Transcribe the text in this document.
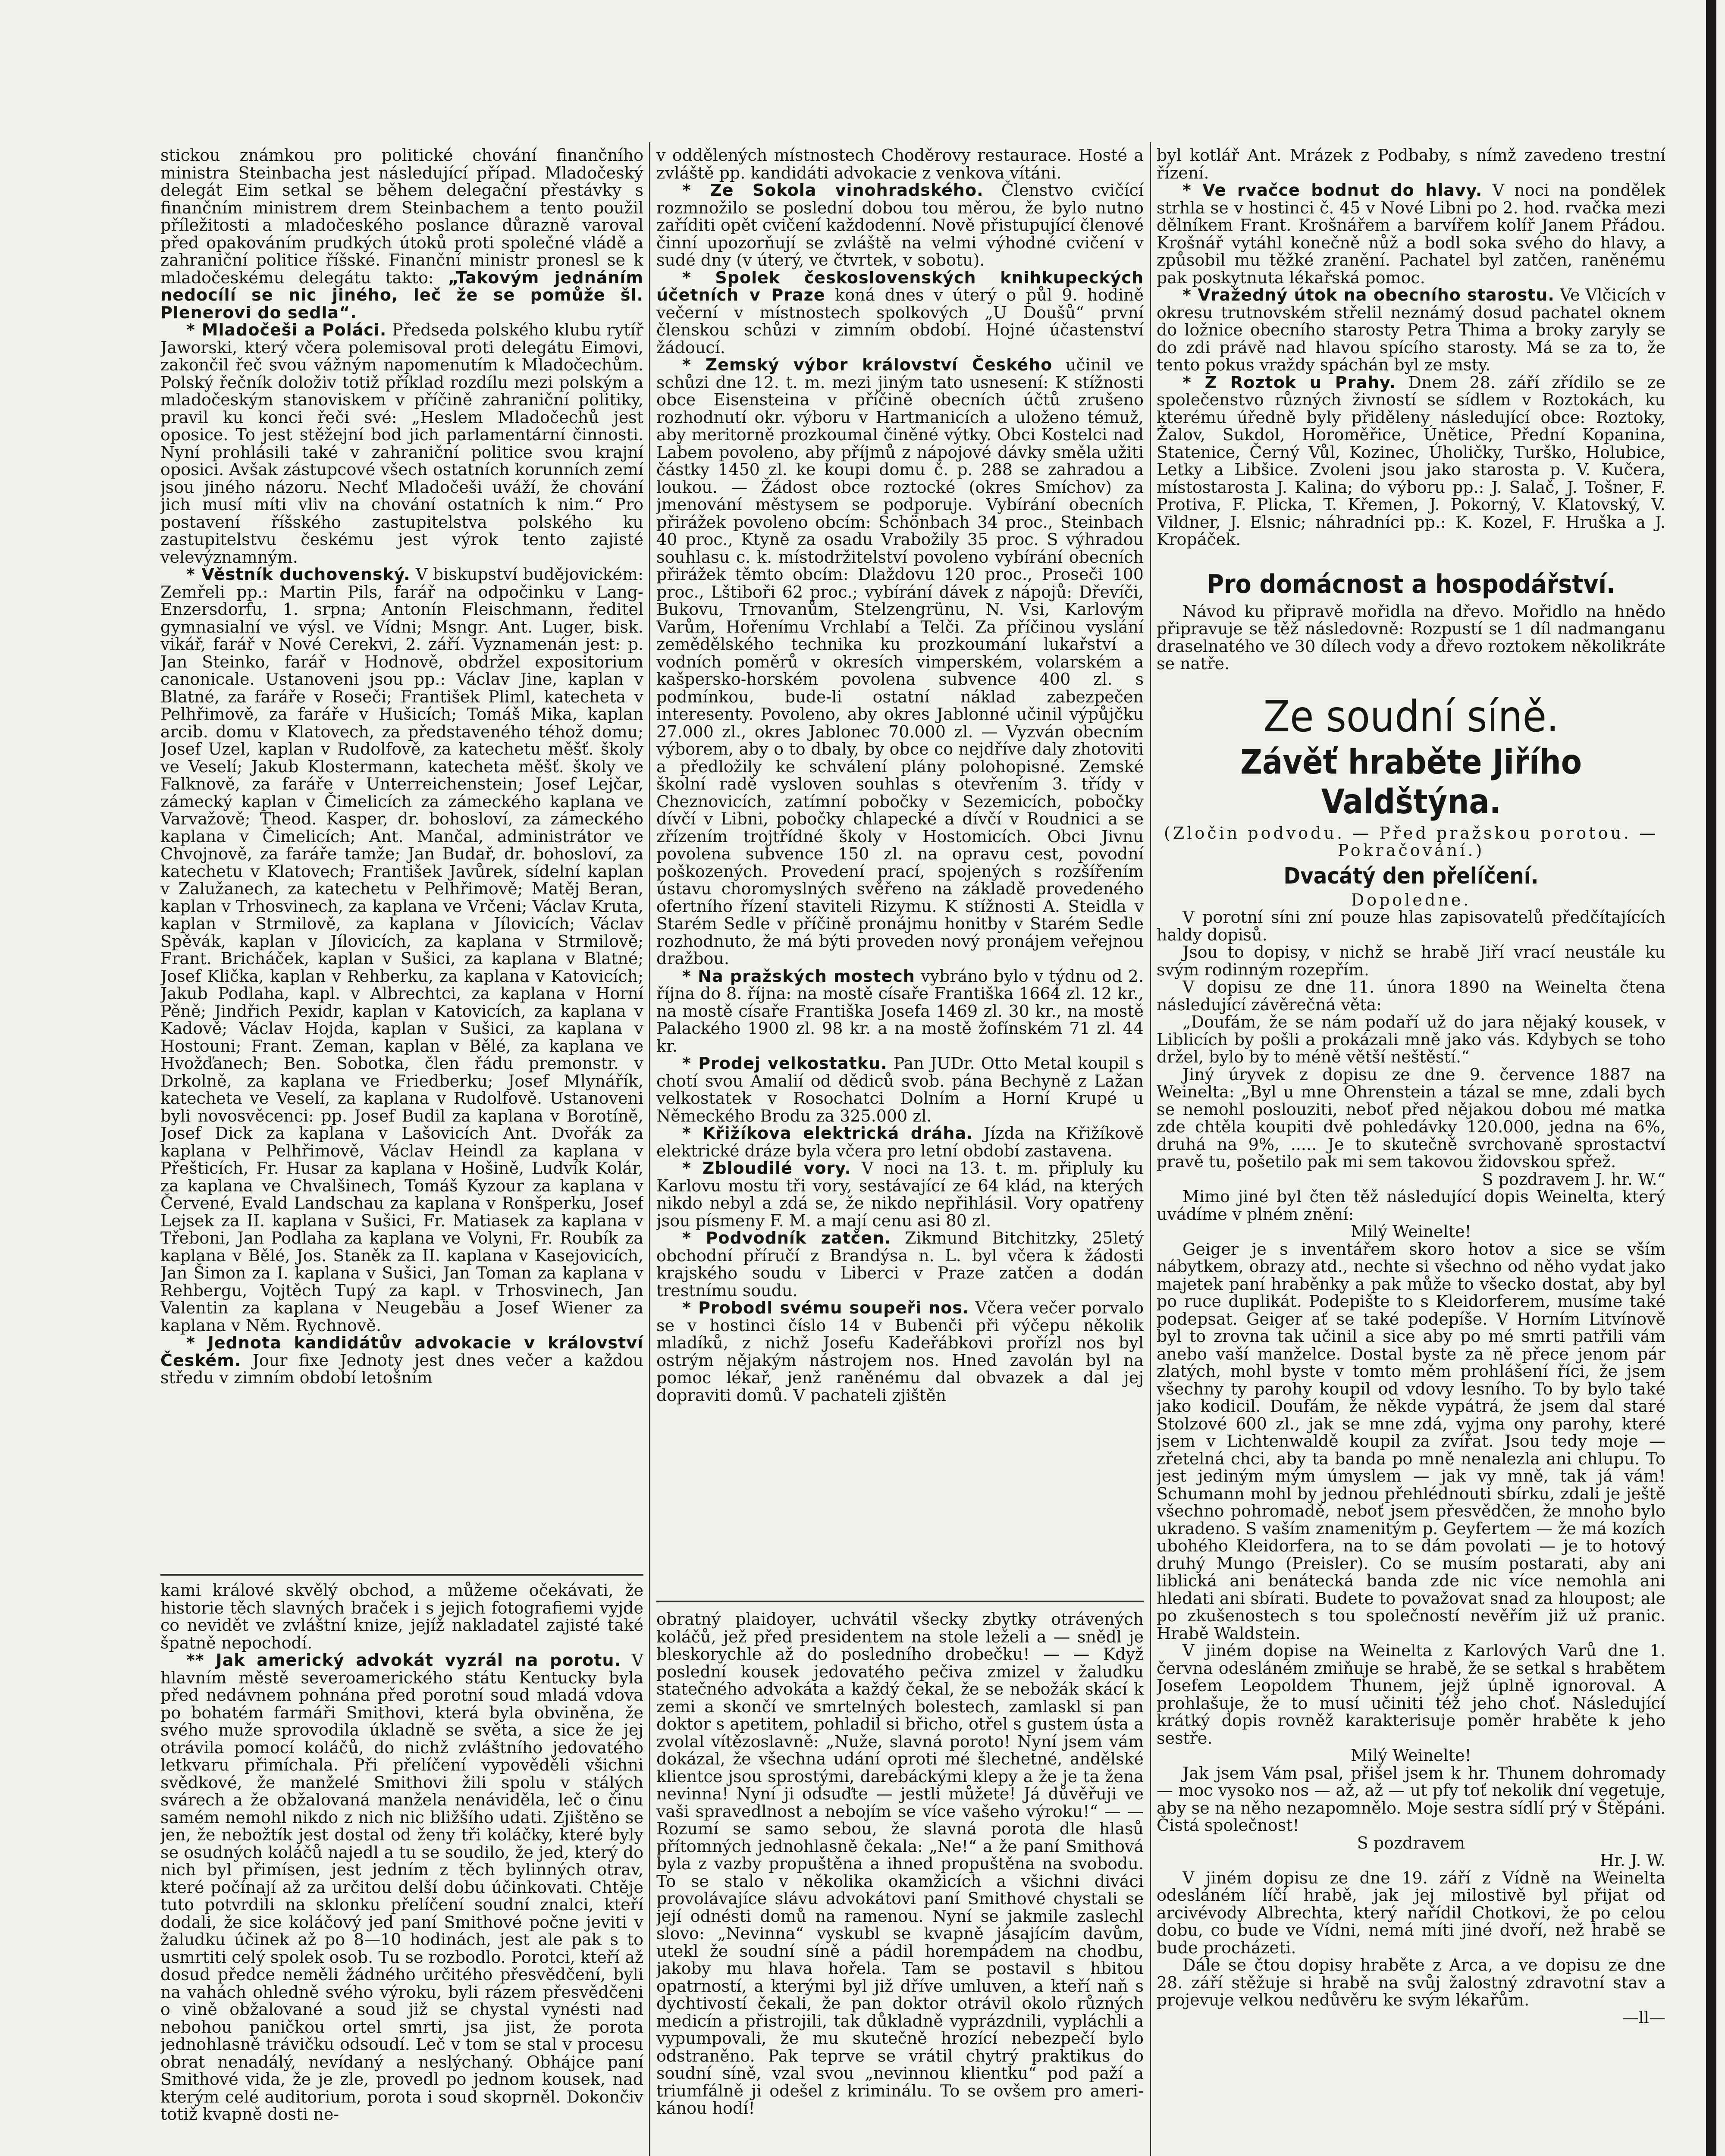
stickou známkou pro politické chování finančního ministra Steinbacha jest následující případ. Mladočeský delegát Eim setkal se během delegační přestávky s finančním ministrem drem Steinbachem a tento použil příležitosti a mladočeského poslance důrazně varoval před opakováním prudkých útoků proti společné vládě a zahraniční politice říšské. Finanční ministr pronesl se k mladočeskému delegátu takto: „Takovým jednáním nedocílí se nic jiného, leč že se pomůže šl. Plenerovi do sedla“.

* Mladočeši a Poláci. Předseda polského klubu rytíř Jaworski, který včera polemisoval proti delegátu Eimovi, zakončil řeč svou vážným napomenutím k Mladočechům. Polský řečník doloživ totiž příklad rozdílu mezi polským a mladočeským stanoviskem v příčině zahraniční politiky, pravil ku konci řeči své: „Heslem Mladočechů jest oposice. To jest stěžejní bod jich parlamentární činnosti. Nyní prohlásili také v zahraniční politice svou krajní oposici. Avšak zástupcové všech ostatních korunních zemí jsou jiného názoru. Nechť Mladočeši uváží, že chování jich musí míti vliv na chování ostatních k nim.“ Pro postavení říšského zastupitelstva polského ku zastupitelstvu českému jest výrok tento zajisté velevýznamným.

* Věstník duchovenský. V biskupství budějovickém: Zemřeli pp.: Martin Pils, farář na odpočinku v Lang-Enzersdorfu, 1. srpna; Antonín Fleischmann, ředitel gymnasialní ve výsl. ve Vídni; Msngr. Ant. Luger, bisk. vikář, farář v Nové Cerekvi, 2. září. Vyznamenán jest: p. Jan Steinko, farář v Hodnově, obdržel expositorium canonicale. Ustanoveni jsou pp.: Václav Jine, kaplan v Blatné, za faráře v Roseči; František Pliml, katecheta v Pelhřimově, za faráře v Hušicích; Tomáš Mika, kaplan arcib. domu v Klatovech, za představeného téhož domu; Josef Uzel, kaplan v Rudolfově, za katechetu měšť. školy ve Veselí; Jakub Klostermann, katecheta měšť. školy ve Falknově, za faráře v Unterreichenstein; Josef Lejčar, zámecký kaplan v Čimelicích za zámeckého kaplana ve Varvažově; Theod. Kasper, dr. bohosloví, za zámeckého kaplana v Čimelicích; Ant. Mančal, administrátor ve Chvojnově, za faráře tamže; Jan Budař, dr. bohosloví, za katechetu v Klatovech; František Javůrek, sídelní kaplan v Zalužanech, za katechetu v Pelhřimově; Matěj Beran, kaplan v Trhosvinech, za kaplana ve Vrčeni; Václav Kruta, kaplan v Strmilově, za kaplana v Jílovicích; Václav Spěvák, kaplan v Jílovicích, za kaplana v Strmilově; Frant. Bricháček, kaplan v Sušici, za kaplana v Blatné; Josef Klička, kaplan v Rehberku, za kaplana v Katovicích; Jakub Podlaha, kapl. v Albrechtci, za kaplana v Horní Pěně; Jindřich Pexidr, kaplan v Katovicích, za kaplana v Kadově; Václav Hojda, kaplan v Sušici, za kaplana v Hostouni; Frant. Zeman, kaplan v Bělé, za kaplana ve Hvožďanech; Ben. Sobotka, člen řádu premonstr. v Drkolně, za kaplana ve Friedberku; Josef Mlynářík, katecheta ve Veselí, za kaplana v Rudolfově. Ustanoveni byli novosvěcenci: pp. Josef Budil za kaplana v Borotíně, Josef Dick za kaplana v Lašovicích Ant. Dvořák za kaplana v Pelhřimově, Václav Heindl za kaplana v Přešticích, Fr. Husar za kaplana v Hošině, Ludvík Kolár, za kaplana ve Chvalšinech, Tomáš Kyzour za kaplana v Červené, Evald Landschau za kaplana v Ronšperku, Josef Lejsek za II. kaplana v Sušici, Fr. Matiasek za kaplana v Třeboni, Jan Podlaha za kaplana ve Volyni, Fr. Roubík za kaplana v Bělé, Jos. Staněk za II. kaplana v Kasejovicích, Jan Šimon za I. kaplana v Sušici, Jan Toman za kaplana v Rehbergu, Vojtěch Tupý za kapl. v Trhosvinech, Jan Valentin za kaplana v Neugebäu a Josef Wiener za kaplana v Něm. Rychnově.

* Jednota kandidátův advokacie v království Českém. Jour fixe Jednoty jest dnes večer a každou středu v zimním období letošním

kami králové skvělý obchod, a můžeme očekávati, že historie těch slavných braček i s jejich fotografiemi vyjde co nevidět ve zvláštní knize, jejíž nakladatel zajisté také špatně nepochodí.

** Jak americký advokát vyzrál na porotu. V hlavním městě severoamerického státu Kentucky byla před nedávnem pohnána před porotní soud mladá vdova po bohatém farmáři Smithovi, která byla obviněna, že svého muže sprovodila úkladně se světa, a sice že jej otrávila pomocí koláčů, do nichž zvláštního jedovatého letkvaru přimíchala. Při přelíčení vypověděli všichni svědkové, že manželé Smithovi žili spolu v stálých svárech a že obžalovaná manžela nenáviděla, leč o činu samém nemohl nikdo z nich nic bližšího udati. Zjištěno se jen, že nebožtík jest dostal od ženy tři koláčky, které byly se osudných koláčů najedl a tu se soudilo, že jed, který do nich byl přimísen, jest jedním z těch bylinných otrav, které počínají až za určitou delší dobu účinkovati. Chtěje tuto potvrdili na sklonku přelíčení soudní znalci, kteří dodali, že sice koláčový jed paní Smithové počne jeviti v žaludku účinek až po 8—10 hodinách, jest ale pak s to usmrtiti celý spolek osob. Tu se rozbodlo. Porotci, kteří až dosud předce neměli žádného určitého přesvědčení, byli na vahách ohledně svého výroku, byli rázem přesvědčeni o vině obžalované a soud již se chystal vynésti nad nebohou paničkou ortel smrti, jsa jist, že porota jednohlasně trávičku odsoudí. Leč v tom se stal v procesu obrat nenadálý, nevídaný a neslýchaný. Obhájce paní Smithové vida, že je zle, provedl po jednom kousek, nad kterým celé auditorium, porota i soud skoprněl. Dokončiv totiž kvapně dosti ne-

v oddělených místnostech Choděrovy restaurace. Hosté a zvláště pp. kandidáti advokacie z venkova vítáni.

* Ze Sokola vinohradského. Členstvo cvičící rozmnožilo se poslední dobou tou měrou, že bylo nutno zaříditi opět cvičení každodenní. Nově přistupující členové činní upozorňují se zvláště na velmi výhodné cvičení v sudé dny (v úterý, ve čtvrtek, v sobotu).

* Spolek československých knihkupeckých účetních v Praze koná dnes v úterý o půl 9. hodině večerní v místnostech spolkových „U Doušů“ první členskou schůzi v zimním období. Hojné účastenství žádoucí.

* Zemský výbor království Českého učinil ve schůzi dne 12. t. m. mezi jiným tato usnesení: K stížnosti obce Eisensteina v příčině obecních účtů zrušeno rozhodnutí okr. výboru v Hartmanicích a uloženo témuž, aby meritorně prozkoumal činěné výtky. Obci Kostelci nad Labem povoleno, aby příjmů z nápojové dávky směla užiti částky 1450 zl. ke koupi domu č. p. 288 se zahradou a loukou. — Žádost obce roztocké (okres Smíchov) za jmenování městysem se podporuje. Vybírání obecních přirážek povoleno obcím: Schönbach 34 proc., Steinbach 40 proc., Ktyně za osadu Vrabožily 35 proc. S výhradou souhlasu c. k. místodržitelství povoleno vybírání obecních přirážek těmto obcím: Dlaždovu 120 proc., Proseči 100 proc., Lštiboři 62 proc.; vybírání dávek z nápojů: Dřevíči, Bukovu, Trnovanům, Stelzengrünu, N. Vsi, Karlovým Varům, Hořenímu Vrchlabí a Telči. Za příčinou vyslání zemědělského technika ku prozkoumání lukařství a vodních poměrů v okresích vimperském, volarském a kašpersko-horském povolena subvence 400 zl. s podmínkou, bude-li ostatní náklad zabezpečen interesenty. Povoleno, aby okres Jablonné učinil výpůjčku 27.000 zl., okres Jablonec 70.000 zl. — Vyzván obecním výborem, aby o to dbaly, by obce co nejdříve daly zhotoviti a předložily ke schválení plány polohopisné. Zemské školní radě vysloven souhlas s otevřením 3. třídy v Cheznovicích, zatímní pobočky v Sezemicích, pobočky dívčí v Libni, pobočky chlapecké a dívčí v Roudnici a se zřízením trojtřídné školy v Hostomicích. Obci Jivnu povolena subvence 150 zl. na opravu cest, povodní poškozených. Provedení prací, spojených s rozšířením ústavu choromyslných svěřeno na základě provedeného ofertního řízení staviteli Rizymu. K stížnosti A. Steidla v Starém Sedle v příčině pronájmu honitby v Starém Sedle rozhodnuto, že má býti proveden nový pronájem veřejnou dražbou.

* Na pražských mostech vybráno bylo v týdnu od 2. října do 8. října: na mostě císaře Františka 1664 zl. 12 kr., na mostě císaře Františka Josefa 1469 zl. 30 kr., na mostě Palackého 1900 zl. 98 kr. a na mostě žofínském 71 zl. 44 kr.

* Prodej velkostatku. Pan JUDr. Otto Metal koupil s chotí svou Amalií od dědiců svob. pána Bechyně z Lažan velkostatek v Rosochatci Dolním a Horní Krupé u Německého Brodu za 325.000 zl.

* Křižíkova elektrická dráha. Jízda na Křižíkově elektrické dráze byla včera pro letní období zastavena.

* Zbloudilé vory. V noci na 13. t. m. připluly ku Karlovu mostu tři vory, sestávající ze 64 klád, na kterých nikdo nebyl a zdá se, že nikdo nepřihlásil. Vory opatřeny jsou písmeny F. M. a mají cenu asi 80 zl.

* Podvodník zatčen. Zikmund Bitchitzky, 25letý obchodní příručí z Brandýsa n. L. byl včera k žádosti krajského soudu v Liberci v Praze zatčen a dodán trestnímu soudu.

* Probodl svému soupeři nos. Včera večer porvalo se v hostinci číslo 14 v Bubenči při výčepu několik mladíků, z nichž Josefu Kadeřábkovi prořízl nos byl ostrým nějakým nástrojem nos. Hned zavolán byl na pomoc lékař, jenž raněnému dal obvazek a dal jej dopraviti domů. V pachateli zjištěn

obratný plaidoyer, uchvátil všecky zbytky otrávených koláčů, jež před presidentem na stole leželi a — snědl je bleskorychle až do posledního drobečku! — — Když poslední kousek jedovatého pečiva zmizel v žaludku statečného advokáta a každý čekal, že se nebožák skácí k zemi a skončí ve smrtelných bolestech, zamlaskl si pan doktor s apetitem, pohladil si břicho, otřel s gustem ústa a zvolal vítězoslavně: „Nuže, slavná poroto! Nyní jsem vám dokázal, že všechna udání oproti mé šlechetné, andělské klientce jsou sprostými, darebáckými klepy a že je ta žena nevinna! Nyní ji odsuďte — jestli můžete! Já důvěřuji ve vaši spravedlnost a nebojím se více vašeho výroku!“ — — Rozumí se samo sebou, že slavná porota dle hlasů přítomných jednohlasně čekala: „Ne!“ a že paní Smithová byla z vazby propuštěna a ihned propuštěna na svobodu. To se stalo v několika okamžicích a všichni diváci provolávajíce slávu advokátovi paní Smithové chystali se její odnésti domů na ramenou. Nyní se jakmile zaslechl slovo: „Nevinna“ vyskubl se kvapně jásajícím davům, utekl že soudní síně a pádil horempádem na chodbu, jakoby mu hlava hořela. Tam se postavil s hbitou opatrností, a kterými byl již dříve umluven, a kteří naň s dychtivostí čekali, že pan doktor otrávil okolo různých medicín a přistrojili, tak důkladně vyprázdnili, vypláchli a vypumpovali, že mu skutečně hrozící nebezpečí bylo odstraněno. Pak teprve se vrátil chytrý praktikus do soudní síně, vzal svou „nevinnou klientku“ pod paží a triumfálně ji odešel z kriminálu. To se ovšem pro ameri-kánou hodí!

byl kotlář Ant. Mrázek z Podbaby, s nímž zavedeno trestní řízení.

* Ve rvačce bodnut do hlavy. V noci na pondělek strhla se v hostinci č. 45 v Nové Libni po 2. hod. rvačka mezi dělníkem Frant. Krošnářem a barvířem kolíř Janem Přádou. Krošnář vytáhl konečně nůž a bodl soka svého do hlavy, a způsobil mu těžké zranění. Pachatel byl zatčen, raněnému pak poskytnuta lékařská pomoc.

* Vražedný útok na obecního starostu. Ve Vlčicích v okresu trutnovském střelil neznámý dosud pachatel oknem do ložnice obecního starosty Petra Thima a broky zaryly se do zdi právě nad hlavou spícího starosty. Má se za to, že tento pokus vraždy spáchán byl ze msty.

* Z Roztok u Prahy. Dnem 28. září zřídilo se ze společenstvo různých živností se sídlem v Roztokách, ku kterému úředně byly přiděleny následující obce: Roztoky, Žalov, Sukdol, Horoměřice, Únětice, Přední Kopanina, Statenice, Černý Vůl, Kozinec, Úholičky, Turško, Holubice, Letky a Libšice. Zvoleni jsou jako starosta p. V. Kučera, místostarosta J. Kalina; do výboru pp.: J. Salač, J. Tošner, F. Protiva, F. Plicka, T. Křemen, J. Pokorný, V. Klatovský, V. Vildner, J. Elsnic; náhradníci pp.: K. Kozel, F. Hruška a J. Kropáček.

Pro domácnost a hospodářství.

Návod ku připravě mořidla na dřevo. Mořidlo na hnědo připravuje se těž následovně: Rozpustí se 1 díl nadmanganu draselnatého ve 30 dílech vody a dřevo roztokem několikráte se natře.

Ze soudní síně.

Závěť hraběte Jiřího Valdštýna.

(Zločin podvodu. — Před pražskou porotou. — Pokračování.)

Dvacátý den přelíčení.

Dopoledne.

V porotní síni zní pouze hlas zapisovatelů předčítajících haldy dopisů.

Jsou to dopisy, v nichž se hrabě Jiří vrací neustále ku svým rodinným rozepřím.

V dopisu ze dne 11. února 1890 na Weinelta čtena následující závěrečná věta:

„Doufám, že se nám podaří už do jara nějaký kousek, v Liblicích by pošli a prokázali mně jako vás. Kdybych se toho držel, bylo by to méně větší neštěstí.“

Jiný úryvek z dopisu ze dne 9. července 1887 na Weinelta: „Byl u mne Ohrenstein a tázal se mne, zdali bych se nemohl poslouziti, neboť před nějakou dobou mé matka zde chtěla koupiti dvě pohledávky 120.000, jedna na 6%, druhá na 9%, ..... Je to skutečně svrchovaně sprostactví pravě tu, pošetilo pak mi sem takovou židovskou spřež.

S pozdravem J. hr. W.“

Mimo jiné byl čten těž následující dopis Weinelta, který uvádíme v plném znění:

Milý Weinelte!

Geiger je s inventářem skoro hotov a sice se vším nábytkem, obrazy atd., nechte si všechno od něho vydat jako majetek paní hraběnky a pak může to všecko dostat, aby byl po ruce duplikát. Podepište to s Kleidorferem, musíme také podepsat. Geiger ať se také podepíše. V Horním Litvínově byl to zrovna tak učinil a sice aby po mé smrti patřili vám anebo vaší manželce. Dostal byste za ně přece jenom pár zlatých, mohl byste v tomto měm prohlášení říci, že jsem všechny ty parohy koupil od vdovy lesního. To by bylo také jako kodicil. Doufám, že někde vypátrá, že jsem dal staré Stolzové 600 zl., jak se mne zdá, vyjma ony parohy, které jsem v Lichtenwaldě koupil za zvířat. Jsou tedy moje — zřetelná chci, aby ta banda po mně nenalezla ani chlupu. To jest jediným mým úmyslem — jak vy mně, tak já vám! Schumann mohl by jednou přehlédnouti sbírku, zdali je ještě všechno pohromadě, neboť jsem přesvědčen, že mnoho bylo ukradeno. S vaším znamenitým p. Geyfertem — že má kozích ubohého Kleidorfera, na to se dám povolati — je to hotový druhý Mungo (Preisler). Co se musím postarati, aby ani liblická ani benátecká banda zde nic více nemohla ani hledati ani sbírati. Budete to považovat snad za hloupost; ale po zkušenostech s tou společností nevěřím již už pranic. Hrabě Waldstein.

V jiném dopise na Weinelta z Karlových Varů dne 1. června odesláném zmiňuje se hrabě, že se setkal s hrabětem Josefem Leopoldem Thunem, jejž úplně ignoroval. A prohlašuje, že to musí učiniti též jeho choť. Následující krátký dopis rovněž karakterisuje poměr hraběte k jeho sestře.

Milý Weinelte!

Jak jsem Vám psal, přišel jsem k hr. Thunem dohromady — moc vysoko nos — až, až — ut pfy toť nekolik dní vegetuje, aby se na něho nezapomnělo. Moje sestra sídlí prý v Štěpáni. Čistá společnost!

S pozdravem

Hr. J. W.

V jiném dopisu ze dne 19. září z Vídně na Weinelta odesláném líčí hrabě, jak jej milostivě byl přijat od arcivévody Albrechta, který nařídil Chotkovi, že po celou dobu, co bude ve Vídni, nemá míti jiné dvoří, než hrabě se bude procházeti.

Dále se čtou dopisy hraběte z Arca, a ve dopisu ze dne 28. září stěžuje si hrabě na svůj žalostný zdravotní stav a projevuje velkou nedůvěru ke svým lékařům.

—ll—
